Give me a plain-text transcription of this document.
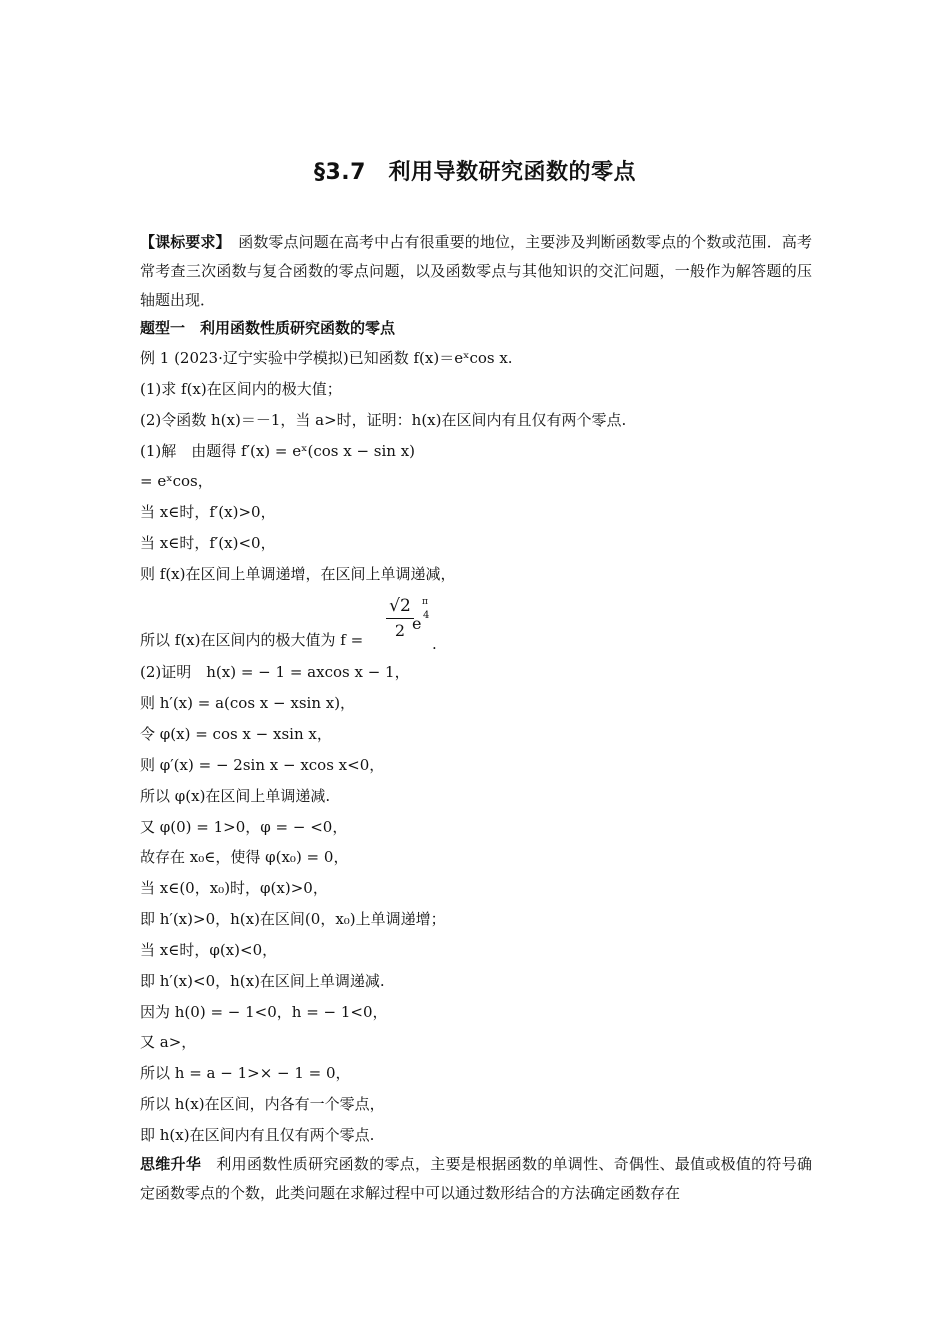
§3.7　利用导数研究函数的零点
【课标要求】　函数零点问题在高考中占有很重要的地位，主要涉及判断函数零点的个数或范围．高考常考查三次函数与复合函数的零点问题，以及函数零点与其他知识的交汇问题，一般作为解答题的压轴题出现．
题型一　利用函数性质研究函数的零点
例 1 (2023·辽宁实验中学模拟)已知函数 f(x)＝eˣcos x.
(1)求 f(x)在区间内的极大值；
(2)令函数 h(x)＝－1，当 a>时，证明：h(x)在区间内有且仅有两个零点.
(1)解　由题得 f′(x) = eˣ(cos x − sin x)
= eˣcos，
当 x∈时，f′(x)>0，
当 x∈时，f′(x)<0，
则 f(x)在区间上单调递增，在区间上单调递减，
√2
2 e
π
4
.
所以 f(x)在区间内的极大值为 f =
(2)证明　h(x) = − 1 = axcos x − 1，
则 h′(x) = a(cos x − xsin x)，
令 φ(x) = cos x − xsin x，
则 φ′(x) = − 2sin x − xcos x<0，
所以 φ(x)在区间上单调递减.
又 φ(0) = 1>0，φ = − <0，
故存在 x₀∈，使得 φ(x₀) = 0，
当 x∈(0，x₀)时，φ(x)>0，
即 h′(x)>0，h(x)在区间(0，x₀)上单调递增；
当 x∈时，φ(x)<0，
即 h′(x)<0，h(x)在区间上单调递减.
因为 h(0) = − 1<0，h = − 1<0，
又 a>，
所以 h = a − 1>× − 1 = 0，
所以 h(x)在区间，内各有一个零点，
即 h(x)在区间内有且仅有两个零点.
思维升华　利用函数性质研究函数的零点，主要是根据函数的单调性、奇偶性、最值或极值的符号确定函数零点的个数，此类问题在求解过程中可以通过数形结合的方法确定函数存在
